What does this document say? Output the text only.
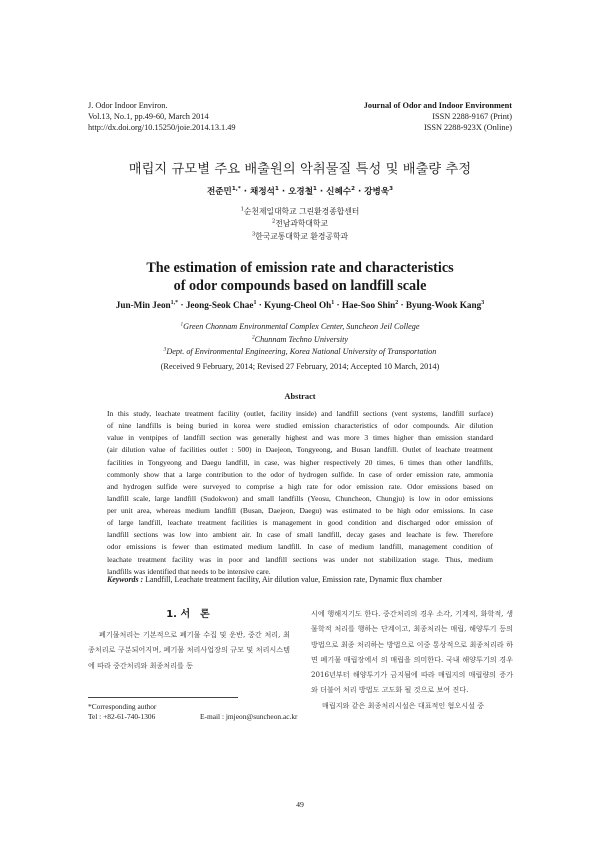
J. Odor Indoor Environ.
Vol.13, No.1, pp.49-60, March 2014
http://dx.doi.org/10.15250/joie.2014.13.1.49
Journal of Odor and Indoor Environment
ISSN 2288-9167 (Print)
ISSN 2288-923X (Online)
매립지 규모별 주요 배출원의 악취물질 특성 및 배출량 추정
전준민$^{1,*}$ · 채정석$^1$ · 오경철$^1$ · 신혜수$^2$ · 강병욱$^3$
$^1$순천제일대학교 그린환경종합센터
$^2$전남과학대학교
$^3$한국교통대학교 환경공학과
The estimation of emission rate and characteristics
of odor compounds based on landfill scale
Jun-Min Jeon$^{1,*}$ · Jeong-Seok Chae$^1$ · Kyung-Cheol $Oh^1 \cdot Hae-Soo$ Shin$^2$ · Byung-Wook Kang$^3$
$^1$Green Chonnam Environmental Complex Center, Suncheon Jeil College
$^2$Chunnam Techno University
$^3$Dept. of Environmental Engineering, Korea National University of Transportation
(Received 9 February, 2014; Revised 27 February, 2014; Accepted 10 March, 2014)
Abstract
In this study, leachate treatment facility (outlet, facility inside) and landfill sections (vent systems, landfill surface)
of nine landfills is being buried in korea were studied emission characteristics of odor compounds. Air dilution
value in ventpipes of landfill section was generally highest and was more 3 times higher than emission standard
(air dilution value of facilities outlet : 500) in Daejeon, Tongyeong, and Busan landfill. Outlet of leachate treatment
facilities in Tongyeong and Daegu landfill, in case, was higher respectively 20 times, 6 times than other landfills,
commonly show that a large contribution to the odor of hydrogen sulfide. In case of order emission rate, ammonia
and hydrogen sulfide were surveyed to comprise a high rate for odor emission rate. Odor emissions based on
landfill scale, large landfill (Sudokwon) and small landfills (Yeosu, Chuncheon, Chungju) is low in odor emissions
per unit area, whereas medium landfill (Busan, Daejeon, Daegu) was estimated to be high odor emissions. In case
of large landfill, leachate treatment facilities is management in good condition and discharged odor emission of
landfill sections was low into ambient air. In case of small landfill, decay gases and leachate is few. Therefore
odor emissions is fewer than estimated medium landfill. In case of medium landfill, management condition of
leachate treatment facility was in poor and landfill sections was under not stabilization stage. Thus, medium
landfills was identified that needs to be intensive care.
Keywords : Landfill, Leachate treatment facility, Air dilution value, Emission rate, Dynamic flux chamber
1. 서　론

폐기물처리는 기본적으로 폐기물 수집 및 운반, 중간 처리, 최종처리로 구분되어지며, 폐기물 처리사업장의 규모 및 처리시스템에 따라 중간처리와 최종처리를 동

시에 행해지기도 한다. 중간처리의 경우 소각, 기계적, 화학적, 생물학적 처리를 행하는 단계이고, 최종처리는 매립, 해양투기 등의 방법으로 최종 처리하는 방법으로 이중 통상적으로 최종처리라 하면 폐기물 매립장에서 의 매립을 의미한다. 국내 해양투기의 경우 2016년부터 해양투기가 금지됨에 따라 매립지의 매립량의 증가와 더불어 처리 방법도 고도화 될 것으로 보여 진다.

매립지와 같은 최종처리시설은 대표적인 혐오시설 중

*Corresponding author
Tel : +82-61-740-1306	E-mail : jmjeon@suncheon.ac.kr
49
